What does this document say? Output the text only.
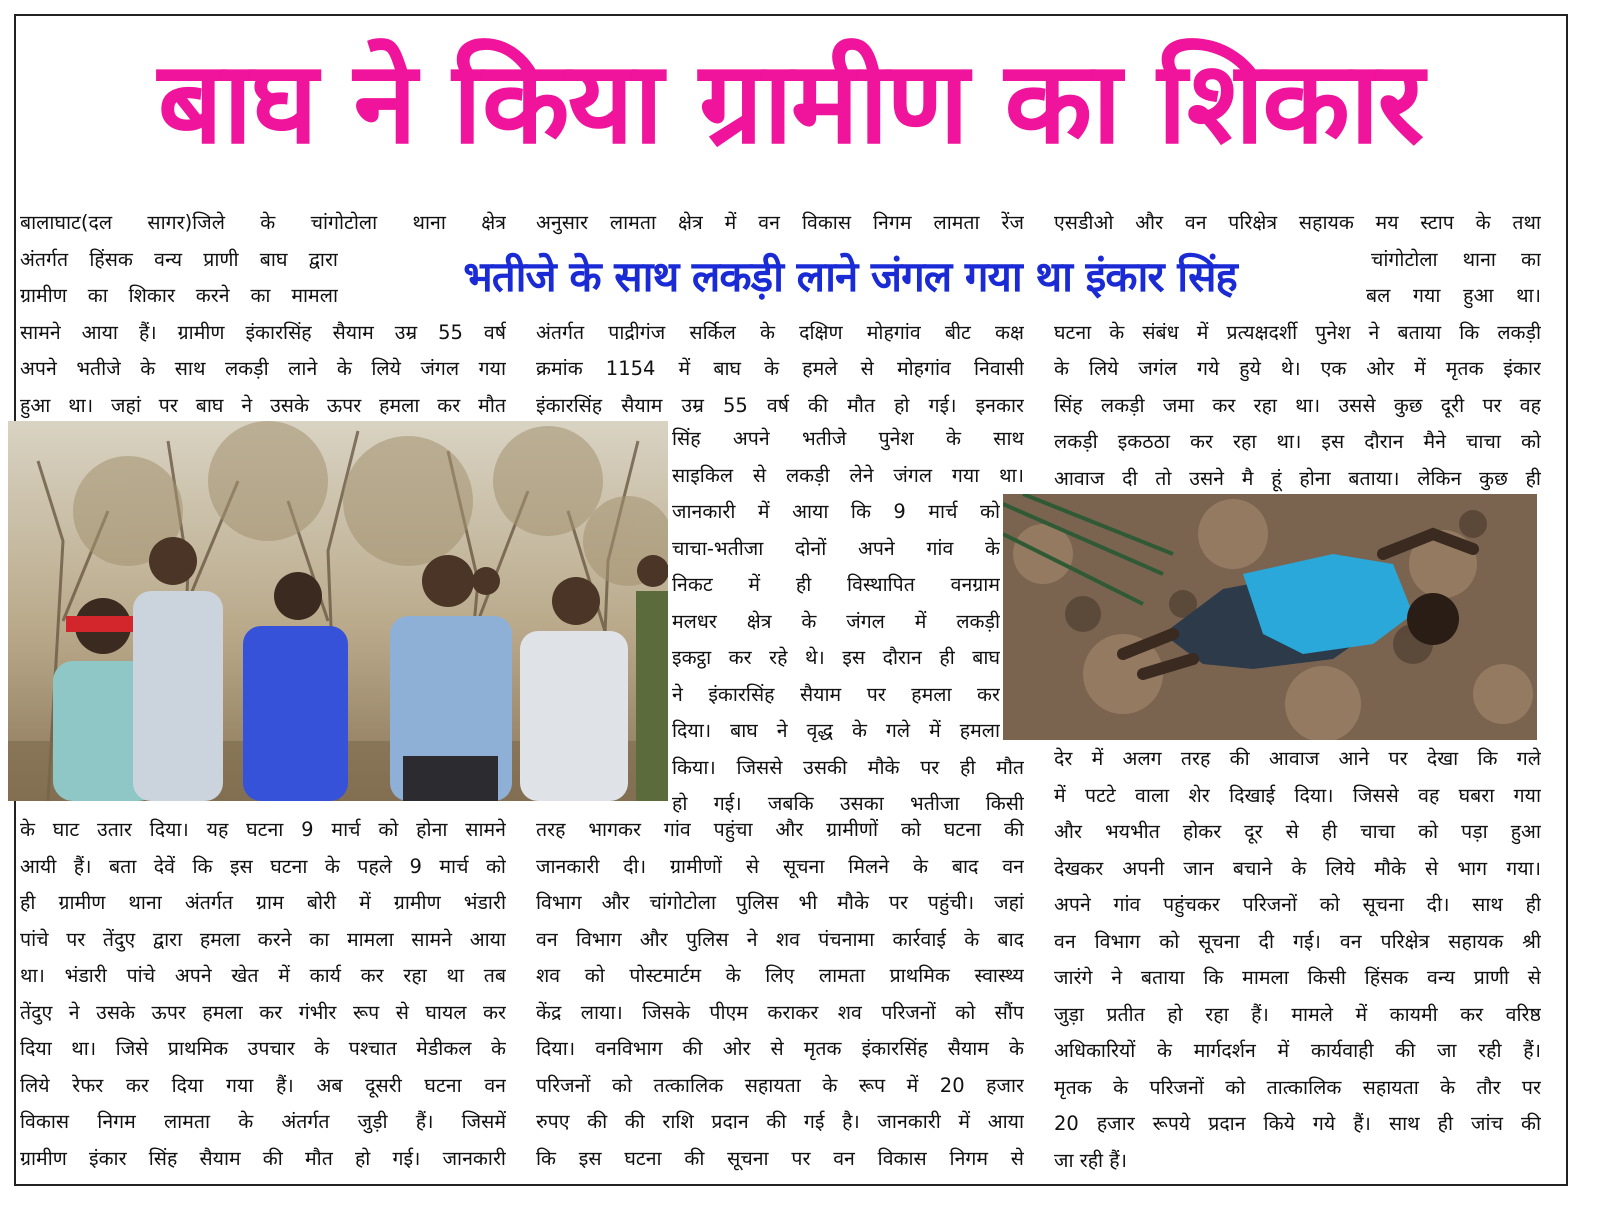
बाघ ने किया ग्रामीण का शिकार
भतीजे के साथ लकड़ी लाने जंगल गया था इंकार सिंह
बालाघाट(दल सागर)जिले के चांगोटोला थाना क्षेत्र
अंतर्गत हिंसक वन्य प्राणी बाघ द्वारा
ग्रामीण का शिकार करने का मामला
सामने आया हैं। ग्रामीण इंकारसिंह सैयाम उम्र 55 वर्ष
अपने भतीजे के साथ लकड़ी लाने के लिये जंगल गया
हुआ था। जहां पर बाघ ने उसके ऊपर हमला कर मौत
के घाट उतार दिया। यह घटना 9 मार्च को होना सामने
आयी हैं। बता देवें कि इस घटना के पहले 9 मार्च को
ही ग्रामीण थाना अंतर्गत ग्राम बोरी में ग्रामीण भंडारी
पांचे पर तेंदुए द्वारा हमला करने का मामला सामने आया
था। भंडारी पांचे अपने खेत में कार्य कर रहा था तब
तेंदुए ने उसके ऊपर हमला कर गंभीर रूप से घायल कर
दिया था। जिसे प्राथमिक उपचार के पश्चात मेडीकल के
लिये रेफर कर दिया गया हैं। अब दूसरी घटना वन
विकास निगम लामता के अंतर्गत जुड़ी हैं। जिसमें
ग्रामीण इंकार सिंह सैयाम की मौत हो गई। जानकारी
अनुसार लामता क्षेत्र में वन विकास निगम लामता रेंज
अंतर्गत पाद्रीगंज सर्किल के दक्षिण मोहगांव बीट कक्ष
क्रमांक 1154 में बाघ के हमले से मोहगांव निवासी
इंकारसिंह सैयाम उम्र 55 वर्ष की मौत हो गई। इनकार
सिंह अपने भतीजे पुनेश के साथ
साइकिल से लकड़ी लेने जंगल गया था।
जानकारी में आया कि 9 मार्च को
चाचा-भतीजा दोनों अपने गांव के
निकट में ही विस्थापित वनग्राम
मलधर क्षेत्र के जंगल में लकड़ी
इकट्ठा कर रहे थे। इस दौरान ही बाघ
ने इंकारसिंह सैयाम पर हमला कर
दिया। बाघ ने वृद्ध के गले में हमला
किया। जिससे उसकी मौके पर ही मौत
हो गई। जबकि उसका भतीजा किसी
तरह भागकर गांव पहुंचा और ग्रामीणों को घटना की
जानकारी दी। ग्रामीणों से सूचना मिलने के बाद वन
विभाग और चांगोटोला पुलिस भी मौके पर पहुंची। जहां
वन विभाग और पुलिस ने शव पंचनामा कार्रवाई के बाद
शव को पोस्टमार्टम के लिए लामता प्राथमिक स्वास्थ्य
केंद्र लाया। जिसके पीएम कराकर शव परिजनों को सौंप
दिया। वनविभाग की ओर से मृतक इंकारसिंह सैयाम के
परिजनों को तत्कालिक सहायता के रूप में 20 हजार
रुपए की की राशि प्रदान की गई है। जानकारी में आया
कि इस घटना की सूचना पर वन विकास निगम से
एसडीओ और वन परिक्षेत्र सहायक मय स्टाप के तथा
चांगोटोला थाना का
बल गया हुआ था।
घटना के संबंध में प्रत्यक्षदर्शी पुनेश ने बताया कि लकड़ी
के लिये जगंल गये हुये थे। एक ओर में मृतक इंकार
सिंह लकड़ी जमा कर रहा था। उससे कुछ दूरी पर वह
लकड़ी इकठठा कर रहा था। इस दौरान मैने चाचा को
आवाज दी तो उसने मै हूं होना बताया। लेकिन कुछ ही
देर में अलग तरह की आवाज आने पर देखा कि गले
में पटटे वाला शेर दिखाई दिया। जिससे वह घबरा गया
और भयभीत होकर दूर से ही चाचा को पड़ा हुआ
देखकर अपनी जान बचाने के लिये मौके से भाग गया।
अपने गांव पहुंचकर परिजनों को सूचना दी। साथ ही
वन विभाग को सूचना दी गई। वन परिक्षेत्र सहायक श्री
जारंगे ने बताया कि मामला किसी हिंसक वन्य प्राणी से
जुड़ा प्रतीत हो रहा हैं। मामले में कायमी कर वरिष्ठ
अधिकारियों के मार्गदर्शन में कार्यवाही की जा रही हैं।
मृतक के परिजनों को तात्कालिक सहायता के तौर पर
20 हजार रूपये प्रदान किये गये हैं। साथ ही जांच की
जा रही हैं।
